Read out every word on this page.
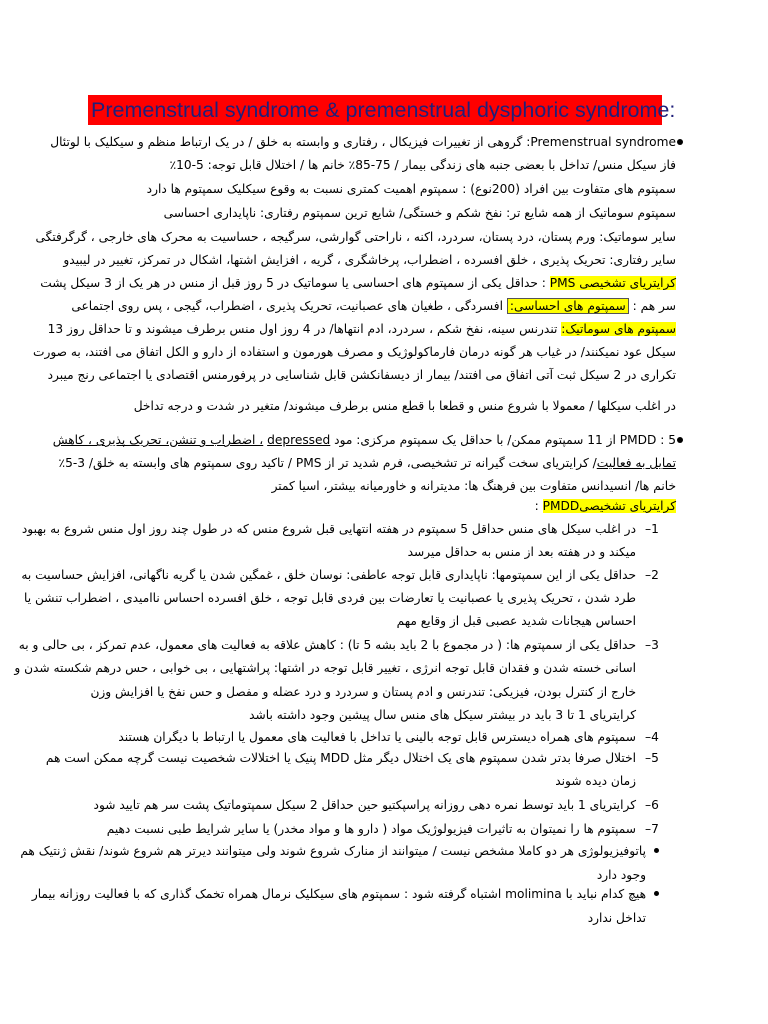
Premenstrual syndrome & premenstrual dysphoric syndrome:
Premenstrual syndrome: گروهی از تغییرات فیزیکال ، رفتاری و وابسته به خلق / در یک ارتباط منظم و سیکلیک با لوتئال
فاز سیکل منس/ تداخل با بعضی جنبه های زندگی بیمار / 75-85٪ خانم ها / اختلال قابل توجه: 5-10٪
سمپتوم های متفاوت بین افراد (200نوع) : سمپتوم اهمیت کمتری نسبت به وقوع سیکلیک سمپتوم ها دارد
سمپتوم سوماتیک از همه شایع تر: نفخ شکم و خستگی/ شایع ترین سمپتوم رفتاری: ناپایداری احساسی
سایر سوماتیک: ورم پستان، درد پستان، سردرد، اکنه ، ناراحتی گوارشی، سرگیجه ، حساسیت به محرک های خارجی ، گرگرفتگی
سایر رفتاری: تحریک پذیری ، خلق افسرده ، اضطراب، پرخاشگری ، گریه ، افزایش اشتها، اشکال در تمرکز، تغییر در لیبیدو
کرایتریای تشخیصی PMS : حداقل یکی از سمپتوم های احساسی یا سوماتیک در 5 روز قبل از منس در هر یک از 3 سیکل پشت
سر هم : سمپتوم های احساسی: افسردگی ، طغیان های عصبانیت، تحریک پذیری ، اضطراب، گیجی ، پس روی اجتماعی
سمپتوم های سوماتیک: تندرنس سینه، نفخ شکم ، سردرد، ادم انتهاها/ در 4 روز اول منس برطرف میشوند و تا حداقل روز 13
سیکل عود نمیکنند/ در غیاب هر گونه درمان فارماکولوژیک و مصرف هورمون و استفاده از دارو و الکل اتفاق می افتند، به صورت
تکراری در 2 سیکل ثبت آتی اتفاق می افتند/ بیمار از دیسفانکشن قابل شناسایی در پرفورمنس اقتصادی یا اجتماعی رنج میبرد
در اغلب سیکلها / معمولا با شروع منس و قطعا با قطع منس برطرف میشوند/ متغیر در شدت و درجه تداخل
PMDD : 5 از 11 سمپتوم ممکن/ با حداقل یک سمپتوم مرکزی: مود depressed ، اضطراب و تنشن، تحریک پذیری ، کاهش
تمایل به فعالیت/ کرایتریای سخت گیرانه تر تشخیصی، فرم شدید تر از PMS / تاکید روی سمپتوم های وابسته به خلق/ 3-5٪
خانم ها/ انسیدانس متفاوت بین فرهنگ ها: مدیترانه و خاورمیانه بیشتر، اسیا کمتر
کرایتریای تشخیصیPMDD :
–1
در اغلب سیکل های منس حداقل 5 سمپتوم در هفته انتهایی قبل شروع منس که در طول چند روز اول منس شروع به بهبود
میکند و در هفته بعد از منس به حداقل میرسد
–2
حداقل یکی از این سمپتومها: ناپایداری قابل توجه عاطفی: نوسان خلق ، غمگین شدن یا گریه ناگهانی، افزایش حساسیت به
طرد شدن ، تحریک پذیری یا عصبانیت یا تعارضات بین فردی قابل توجه ، خلق افسرده احساس ناامیدی ، اضطراب تنشن یا
احساس هیجانات شدید عصبی قبل از وقایع مهم
–3
حداقل یکی از سمپتوم ها: ( در مجموع با 2 باید بشه 5 تا) : کاهش علاقه به فعالیت های معمول، عدم تمرکز ، بی حالی و به
اسانی خسته شدن و فقدان قابل توجه انرژی ، تغییر قابل توجه در اشتها: پراشتهایی ، بی خوابی ، حس درهم شکسته شدن و
خارج از کنترل بودن، فیزیکی: تندرنس و ادم پستان و سردرد و درد عضله و مفصل و حس نفخ یا افزایش وزن
کرایتریای 1 تا 3 باید در بیشتر سیکل های منس سال پیشین وجود داشته باشد
–4
سمپتوم های همراه دیسترس قابل توجه بالینی یا تداخل با فعالیت های معمول یا ارتباط با دیگران هستند
–5
اختلال صرفا بدتر شدن سمپتوم های یک اختلال دیگر مثل MDD پنیک یا اختلالات شخصیت نیست گرچه ممکن است هم
زمان دیده شوند
–6
کرایتریای 1 باید توسط نمره دهی روزانه پراسپکتیو حین حداقل 2 سیکل سمپتوماتیک پشت سر هم تایید شود
–7
سمپتوم ها را نمیتوان به تاثیرات فیزیولوژیک مواد ( دارو ها و مواد مخدر) یا سایر شرایط طبی نسبت دهیم
پاتوفیزیولوژی هر دو کاملا مشخص نیست / میتوانند از منارک شروع شوند ولی میتوانند دیرتر هم شروع شوند/ نقش ژنتیک هم
وجود دارد
هیچ کدام نباید با molimina اشتباه گرفته شود : سمپتوم های سیکلیک نرمال همراه تخمک گذاری که با فعالیت روزانه بیمار
تداخل ندارد
